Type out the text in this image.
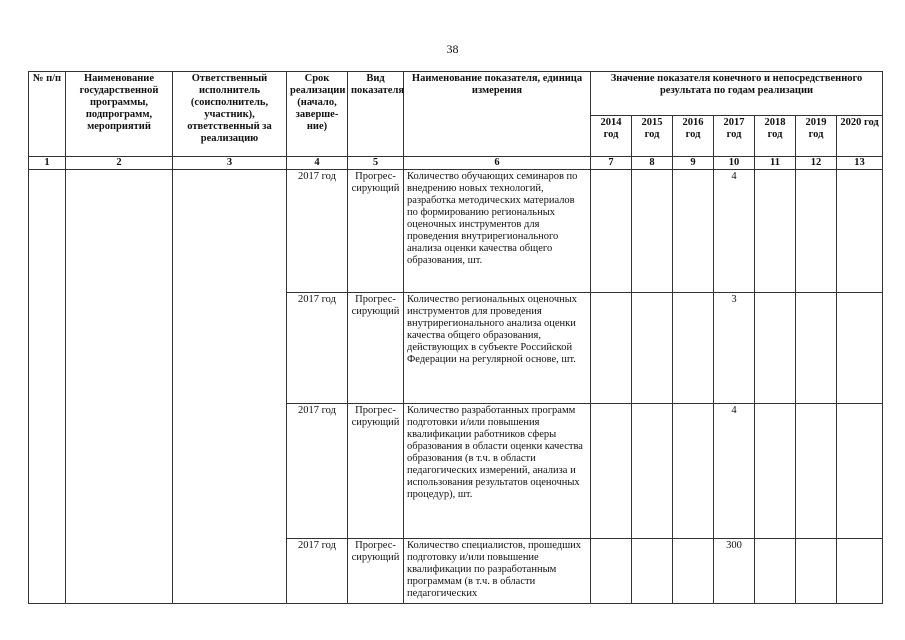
38
№ п/п	Наименование государственной программы, подпрограмм, мероприятий	Ответственный исполнитель (соисполнитель, участник), ответственный за реализацию	Срок реализации (начало, заверше-ние)	Вид показателя	Наименование показателя, единица измерения	Значение показателя конечного и непосредственного результата по годам реализации						
						2014 год	2015 год	2016 год	2017 год	2018 год	2019 год	2020 год
1	2	3	4	5	6	7	8	9	10	11	12	13
			2017 год	Прогрес-сирующий	Количество обучающих семинаров по внедрению новых технологий, разработка методических материалов по формированию региональных оценочных инструментов для проведения внутрирегионального анализа оценки качества общего образования, шт.				4			
			2017 год	Прогрес-сирующий	Количество региональных оценочных инструментов для проведения внутрирегионального анализа оценки качества общего образования, действующих в субъекте Российской Федерации на регулярной основе, шт.				3			
			2017 год	Прогрес-сирующий	Количество разработанных программ подготовки и/или повышения квалификации работников сферы образования в области оценки качества образования (в т.ч. в области педагогических измерений, анализа и использования результатов оценочных процедур), шт.				4			
			2017 год	Прогрес-сирующий	Количество специалистов, прошедших подготовку и/или повышение квалификации по разработанным программам (в т.ч. в области педагогических				300			
